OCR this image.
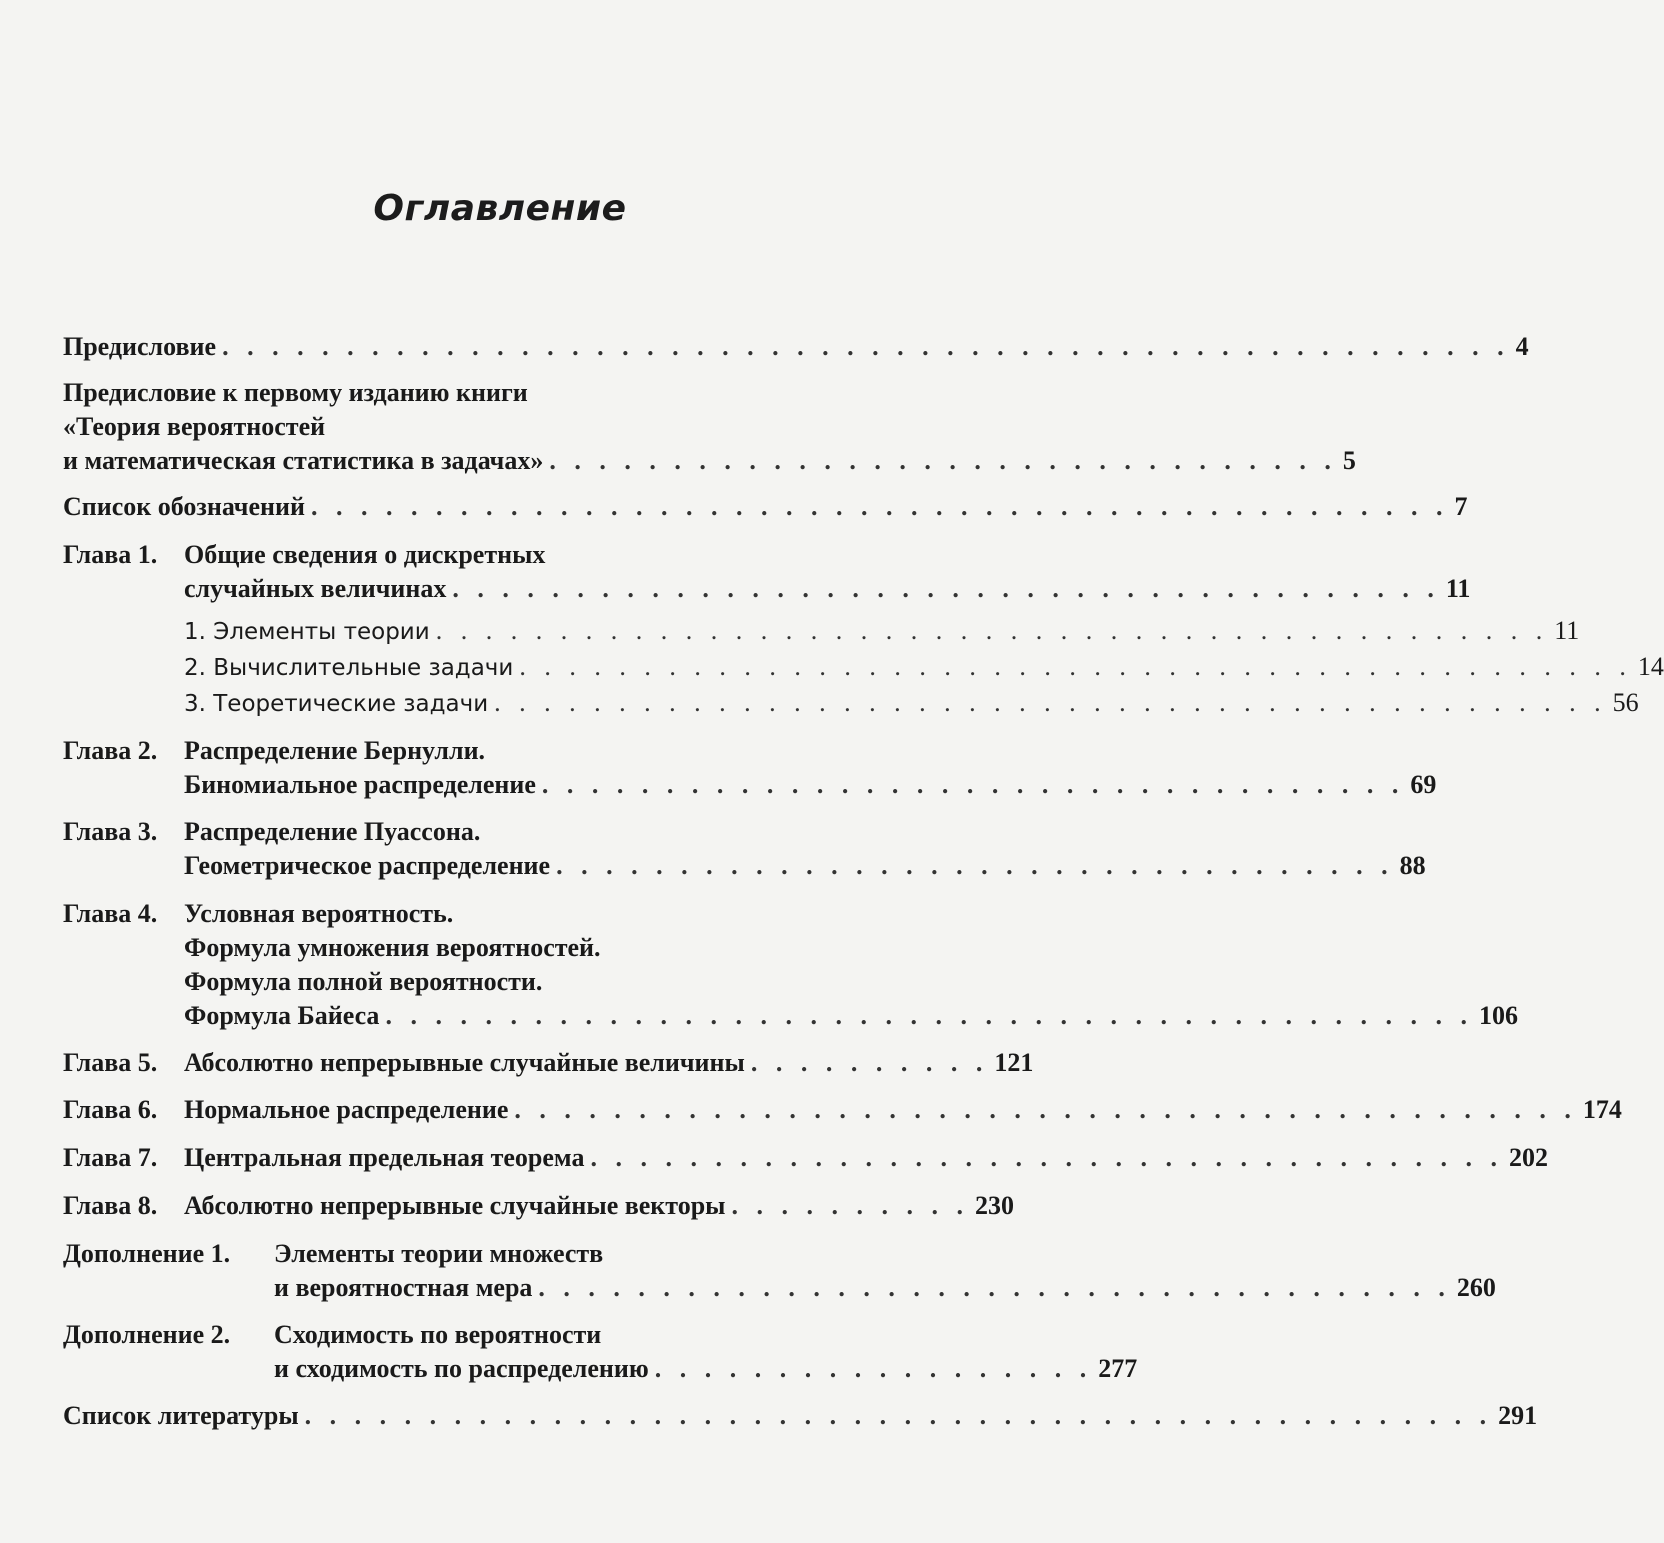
Оглавление
Предисловие . . . . . . . . . . . . . . . . . . . . . . . . . . . . . . . . . . . . . . . . . . . . . . . . . . . . 4
Предисловие к первому изданию книги
«Теория вероятностей
и математическая статистика в задачах» . . . . . . . . . . . . . . . . . . . . . . . . . . . . . . . . 5
Список обозначений . . . . . . . . . . . . . . . . . . . . . . . . . . . . . . . . . . . . . . . . . . . . . . 7
Глава 1. Общие сведения о дискретных
случайных величинах . . . . . . . . . . . . . . . . . . . . . . . . . . . . . . . . . . . . . . . . 11
1. Элементы теории . . . . . . . . . . . . . . . . . . . . . . . . . . . . . . . . . . . . . . . . . . . . . 11
2. Вычислительные задачи . . . . . . . . . . . . . . . . . . . . . . . . . . . . . . . . . . . . . . . . . . . . . 14
3. Теоретические задачи . . . . . . . . . . . . . . . . . . . . . . . . . . . . . . . . . . . . . . . . . . . . . 56
Глава 2. Распределение Бернулли.
Биномиальное распределение . . . . . . . . . . . . . . . . . . . . . . . . . . . . . . . . . . . 69
Глава 3. Распределение Пуассона.
Геометрическое распределение . . . . . . . . . . . . . . . . . . . . . . . . . . . . . . . . . . 88
Глава 4. Условная вероятность.
Формула умножения вероятностей.
Формула полной вероятности.
Формула Байеса . . . . . . . . . . . . . . . . . . . . . . . . . . . . . . . . . . . . . . . . . . . . 106
Глава 5. Абсолютно непрерывные случайные величины . . . . . . . . . . 121
Глава 6. Нормальное распределение . . . . . . . . . . . . . . . . . . . . . . . . . . . . . . . . . . . . . . . . . . . 174
Глава 7. Центральная предельная теорема . . . . . . . . . . . . . . . . . . . . . . . . . . . . . . . . . . . . . 202
Глава 8. Абсолютно непрерывные случайные векторы . . . . . . . . . . 230
Дополнение 1. Элементы теории множеств
и вероятностная мера . . . . . . . . . . . . . . . . . . . . . . . . . . . . . . . . . . . . . 260
Дополнение 2. Сходимость по вероятности
и сходимость по распределению . . . . . . . . . . . . . . . . . . 277
Список литературы . . . . . . . . . . . . . . . . . . . . . . . . . . . . . . . . . . . . . . . . . . . . . . . . 291
